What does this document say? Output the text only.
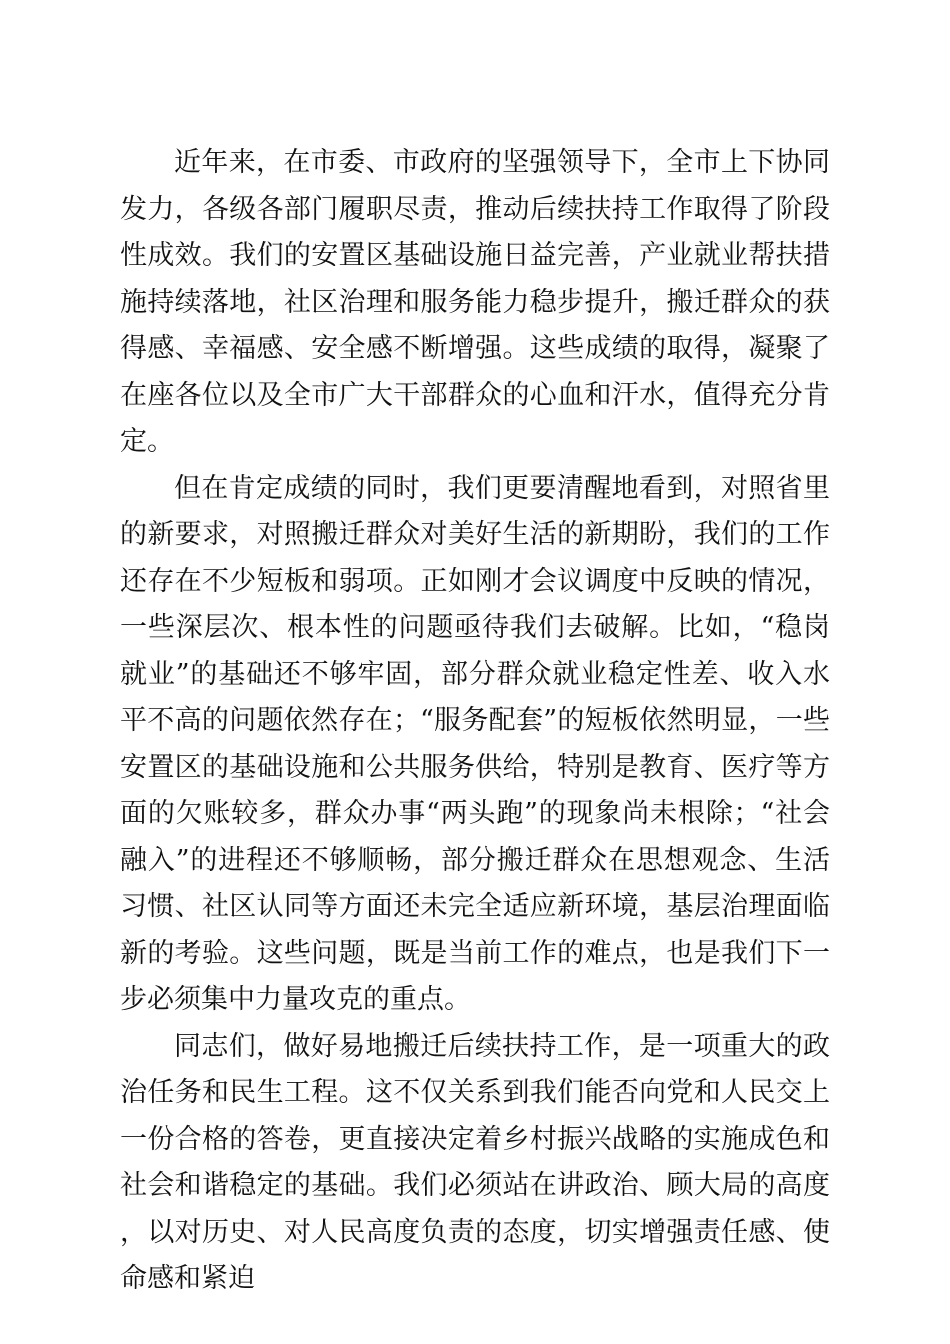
近年来，在市委、市政府的坚强领导下，全市上下协同发力，各级各部门履职尽责，推动后续扶持工作取得了阶段性成效。我们的安置区基础设施日益完善，产业就业帮扶措施持续落地，社区治理和服务能力稳步提升，搬迁群众的获得感、幸福感、安全感不断增强。这些成绩的取得，凝聚了在座各位以及全市广大干部群众的心血和汗水，值得充分肯定。

但在肯定成绩的同时，我们更要清醒地看到，对照省里的新要求，对照搬迁群众对美好生活的新期盼，我们的工作还存在不少短板和弱项。正如刚才会议调度中反映的情况，一些深层次、根本性的问题亟待我们去破解。比如，“稳岗就业”的基础还不够牢固，部分群众就业稳定性差、收入水平不高的问题依然存在；“服务配套”的短板依然明显，一些安置区的基础设施和公共服务供给，特别是教育、医疗等方面的欠账较多，群众办事“两头跑”的现象尚未根除；“社会融入”的进程还不够顺畅，部分搬迁群众在思想观念、生活习惯、社区认同等方面还未完全适应新环境，基层治理面临新的考验。这些问题，既是当前工作的难点，也是我们下一步必须集中力量攻克的重点。

同志们，做好易地搬迁后续扶持工作，是一项重大的政治任务和民生工程。这不仅关系到我们能否向党和人民交上一份合格的答卷，更直接决定着乡村振兴战略的实施成色和社会和谐稳定的基础。我们必须站在讲政治、顾大局的高度，以对历史、对人民高度负责的态度，切实增强责任感、使命感和紧迫
